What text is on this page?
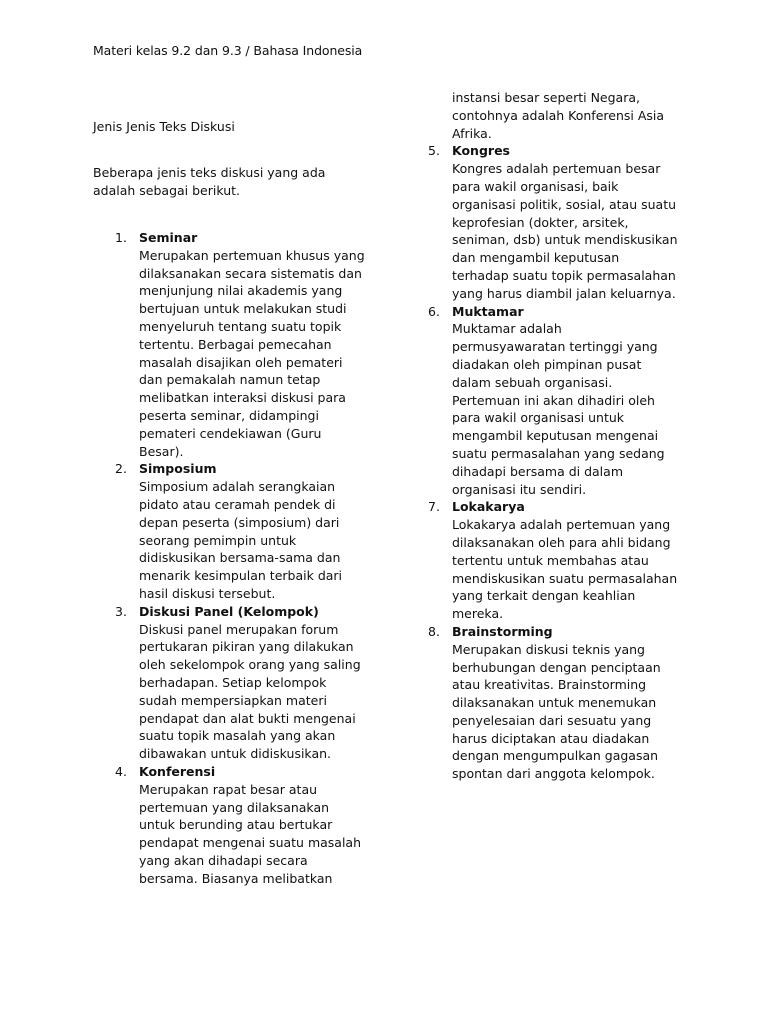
Materi kelas 9.2 dan 9.3 / Bahasa Indonesia
Jenis Jenis Teks Diskusi

Beberapa jenis teks diskusi yang ada adalah sebagai berikut.

1. Seminar
Merupakan pertemuan khusus yang dilaksanakan secara sistematis dan menjunjung nilai akademis yang bertujuan untuk melakukan studi menyeluruh tentang suatu topik tertentu. Berbagai pemecahan masalah disajikan oleh pemateri dan pemakalah namun tetap melibatkan interaksi diskusi para peserta seminar, didampingi pemateri cendekiawan (Guru Besar).
2. Simposium
Simposium adalah serangkaian pidato atau ceramah pendek di depan peserta (simposium) dari seorang pemimpin untuk didiskusikan bersama-sama dan menarik kesimpulan terbaik dari hasil diskusi tersebut.
3. Diskusi Panel (Kelompok)
Diskusi panel merupakan forum pertukaran pikiran yang dilakukan oleh sekelompok orang yang saling berhadapan. Setiap kelompok sudah mempersiapkan materi pendapat dan alat bukti mengenai suatu topik masalah yang akan dibawakan untuk didiskusikan.
4. Konferensi
Merupakan rapat besar atau pertemuan yang dilaksanakan untuk berunding atau bertukar pendapat mengenai suatu masalah yang akan dihadapi secara bersama. Biasanya melibatkan
instansi besar seperti Negara, contohnya adalah Konferensi Asia Afrika.
5. Kongres
Kongres adalah pertemuan besar para wakil organisasi, baik organisasi politik, sosial, atau suatu keprofesian (dokter, arsitek, seniman, dsb) untuk mendiskusikan dan mengambil keputusan terhadap suatu topik permasalahan yang harus diambil jalan keluarnya.
6. Muktamar
Muktamar adalah permusyawaratan tertinggi yang diadakan oleh pimpinan pusat dalam sebuah organisasi. Pertemuan ini akan dihadiri oleh para wakil organisasi untuk mengambil keputusan mengenai suatu permasalahan yang sedang dihadapi bersama di dalam organisasi itu sendiri.
7. Lokakarya
Lokakarya adalah pertemuan yang dilaksanakan oleh para ahli bidang tertentu untuk membahas atau mendiskusikan suatu permasalahan yang terkait dengan keahlian mereka.
8. Brainstorming
Merupakan diskusi teknis yang berhubungan dengan penciptaan atau kreativitas. Brainstorming dilaksanakan untuk menemukan penyelesaian dari sesuatu yang harus diciptakan atau diadakan dengan mengumpulkan gagasan spontan dari anggota kelompok.
